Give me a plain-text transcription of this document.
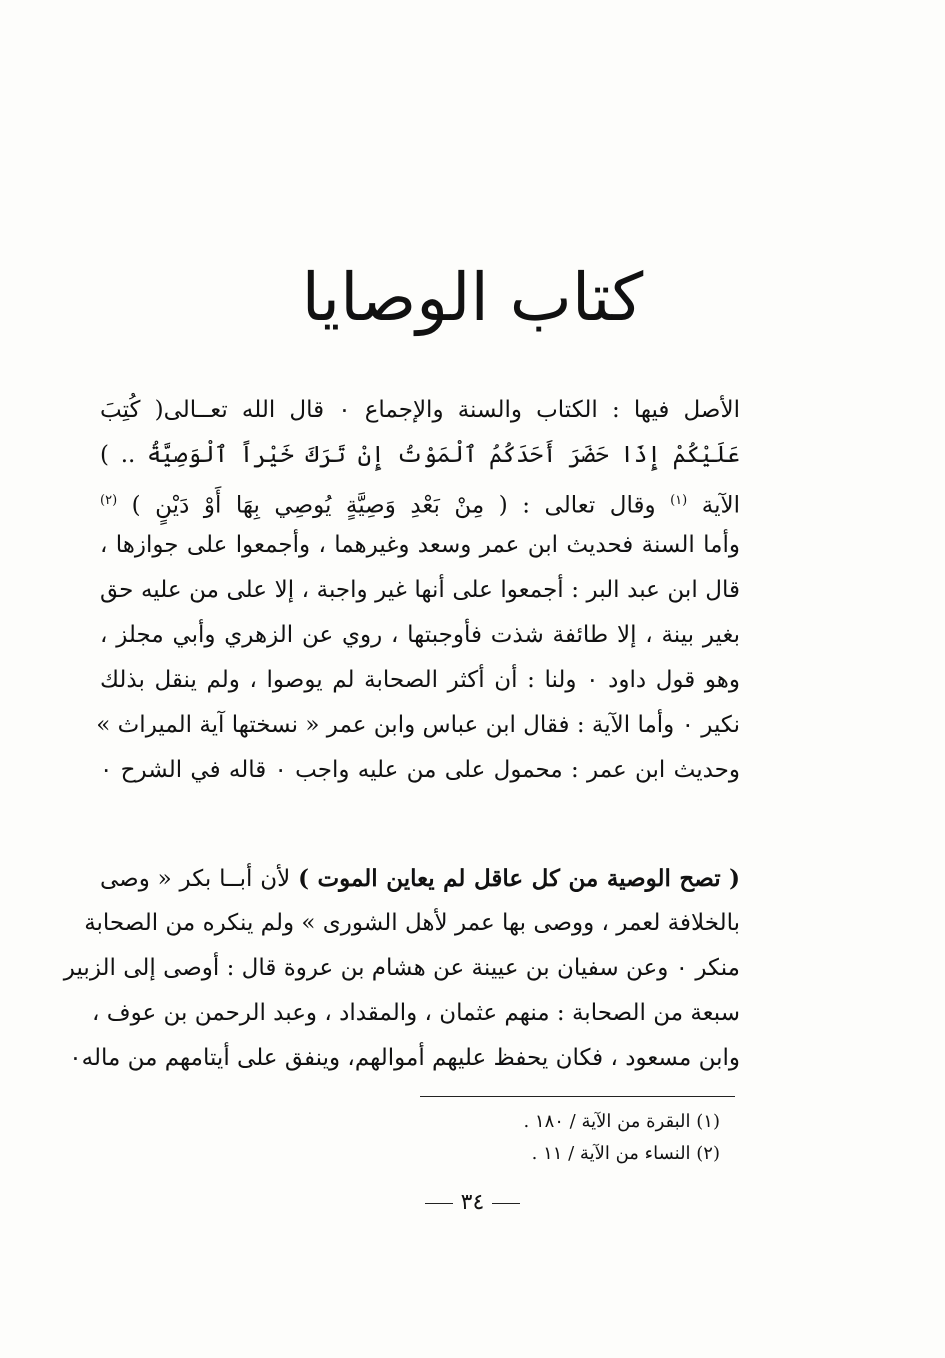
كتاب الوصايا
الأصل فيها : الكتاب والسنة والإجماع ٠ قال الله تعــالى( كُتِبَ
عَلَيْكُمْ إِذَا حَضَرَ أَحَدَكُمُ ٱلْمَوْتُ إِنْ تَرَكَ خَيْراً ٱلْوَصِيَّةُ .. )
الآية $^{(١)}$ وقال تعالى : ( مِنْ بَعْدِ وَصِيَّةٍ يُوصِي بِهَا أَوْ دَيْنٍ ) $^{(٢)}$
وأما السنة فحديث ابن عمر وسعد وغيرهما ، وأجمعوا على جوازها ،
قال ابن عبد البر : أجمعوا على أنها غير واجبة ، إلا على من عليه حق
بغير بينة ، إلا طائفة شذت فأوجبتها ، روي عن الزهري وأبي مجلز ،
وهو قول داود ٠ ولنا : أن أكثر الصحابة لم يوصوا ، ولم ينقل بذلك
نكير ٠ وأما الآية : فقال ابن عباس وابن عمر « نسختها آية الميراث »
وحديث ابن عمر : محمول على من عليه واجب ٠ قاله في الشرح ٠
( تصح الوصية من كل عاقل لم يعاين الموت ) لأن أبــا بكر « وصى
بالخلافة لعمر ، ووصى بها عمر لأهل الشورى » ولم ينكره من الصحابة
منكر ٠ وعن سفيان بن عيينة عن هشام بن عروة قال : أوصى إلى الزبير
سبعة من الصحابة : منهم عثمان ، والمقداد ، وعبد الرحمن بن عوف ،
وابن مسعود ، فكان يحفظ عليهم أموالهم، وينفق على أيتامهم من ماله٠
(١) البقرة من الآية / ١٨٠ .
(٢) النساء من الآية / ١١ .
٣٤
